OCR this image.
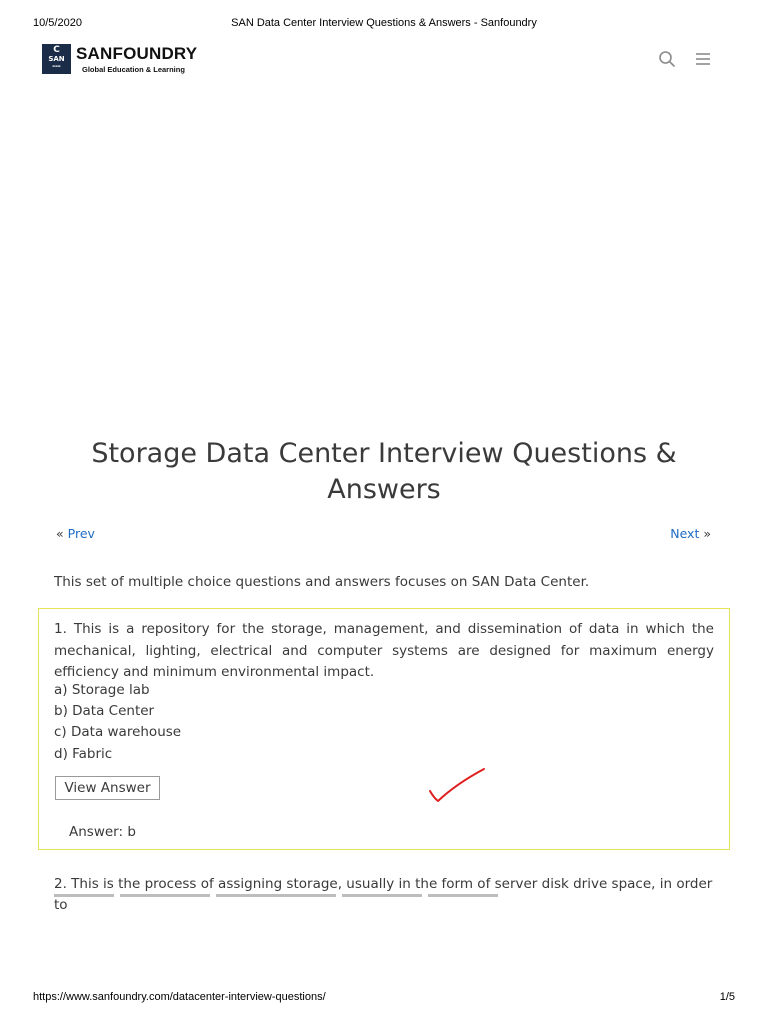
10/5/2020	SAN Data Center Interview Questions & Answers - Sanfoundry
C
SAN
▬▬▬
SANFOUNDRY
Global Education & Learning
Storage Data Center Interview Questions & Answers
« Prev	Next »

This set of multiple choice questions and answers focuses on SAN Data Center.

1. This is a repository for the storage, management, and dissemination of data in which the mechanical, lighting, electrical and computer systems are designed for maximum energy efficiency and minimum environmental impact.
a) Storage lab
b) Data Center
c) Data warehouse
d) Fabric
View Answer
Answer: b
2. This is the process of assigning storage, usually in the form of server disk drive space, in order to
https://www.sanfoundry.com/datacenter-interview-questions/	1/5
